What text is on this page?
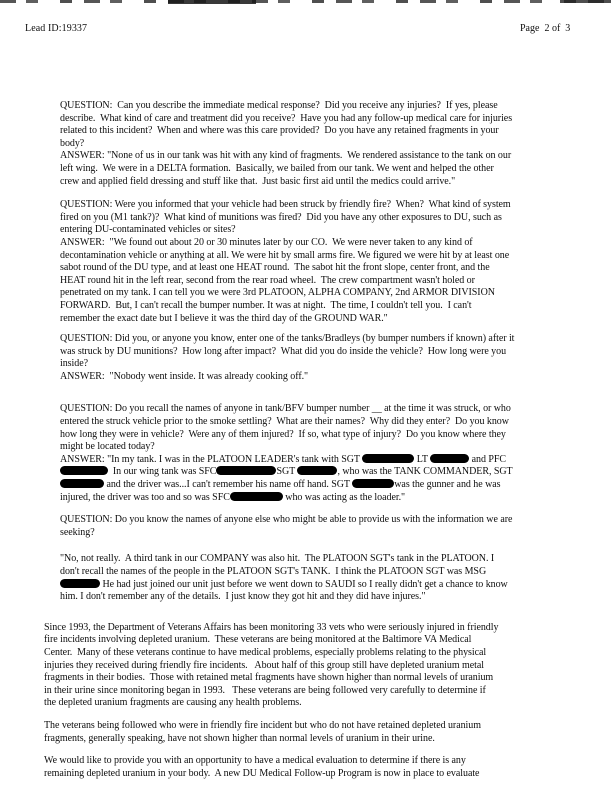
Lead ID:19337	Page  2 of  3
QUESTION:  Can you describe the immediate medical response?  Did you receive any injuries?  If yes, please
describe.  What kind of care and treatment did you receive?  Have you had any follow-up medical care for injuries
related to this incident?  When and where was this care provided?  Do you have any retained fragments in your
body?
ANSWER: "None of us in our tank was hit with any kind of fragments.  We rendered assistance to the tank on our
left wing.  We were in a DELTA formation.  Basically, we bailed from our tank. We went and helped the other
crew and applied field dressing and stuff like that.  Just basic first aid until the medics could arrive."
QUESTION: Were you informed that your vehicle had been struck by friendly fire?  When?  What kind of system
fired on you (M1 tank?)?  What kind of munitions was fired?  Did you have any other exposures to DU, such as
entering DU-contaminated vehicles or sites?
ANSWER:  "We found out about 20 or 30 minutes later by our CO.  We were never taken to any kind of
decontamination vehicle or anything at all. We were hit by small arms fire. We figured we were hit by at least one
sabot round of the DU type, and at least one HEAT round.  The sabot hit the front slope, center front, and the
HEAT round hit in the left rear, second from the rear road wheel.  The crew compartment wasn't holed or
penetrated on my tank. I can tell you we were 3rd PLATOON, ALPHA COMPANY, 2nd ARMOR DIVISION
FORWARD.  But, I can't recall the bumper number. It was at night.  The time, I couldn't tell you.  I can't
remember the exact date but I believe it was the third day of the GROUND WAR."
QUESTION: Did you, or anyone you know, enter one of the tanks/Bradleys (by bumper numbers if known) after it
was struck by DU munitions?  How long after impact?  What did you do inside the vehicle?  How long were you
inside?
ANSWER:  "Nobody went inside. It was already cooking off."
QUESTION: Do you recall the names of anyone in tank/BFV bumper number __ at the time it was struck, or who
entered the struck vehicle prior to the smoke settling?  What are their names?  Why did they enter?  Do you know
how long they were in vehicle?  Were any of them injured?  If so, what type of injury?  Do you know where they
might be located today?
ANSWER: "In my tank. I was in the PLATOON LEADER's tank with SGT	LT	and PFC
In our wing tank was SFC	SGT	, who was the TANK COMMANDER, SGT
and the driver was...I can't remember his name off hand. SGT	was the gunner and he was
injured, the driver was too and so was SFC	who was acting as the loader."
QUESTION: Do you know the names of anyone else who might be able to provide us with the information we are
seeking?
"No, not really.  A third tank in our COMPANY was also hit.  The PLATOON SGT's tank in the PLATOON. I
don't recall the names of the people in the PLATOON SGT's TANK.  I think the PLATOON SGT was MSG
He had just joined our unit just before we went down to SAUDI so I really didn't get a chance to know
him. I don't remember any of the details.  I just know they got hit and they did have injures."
Since 1993, the Department of Veterans Affairs has been monitoring 33 vets who were seriously injured in friendly
fire incidents involving depleted uranium.  These veterans are being monitored at the Baltimore VA Medical
Center.  Many of these veterans continue to have medical problems, especially problems relating to the physical
injuries they received during friendly fire incidents.   About half of this group still have depleted uranium metal
fragments in their bodies.  Those with retained metal fragments have shown higher than normal levels of uranium
in their urine since monitoring began in 1993.   These veterans are being followed very carefully to determine if
the depleted uranium fragments are causing any health problems.
The veterans being followed who were in friendly fire incident but who do not have retained depleted uranium
fragments, generally speaking, have not shown higher than normal levels of uranium in their urine.
We would like to provide you with an opportunity to have a medical evaluation to determine if there is any
remaining depleted uranium in your body.  A new DU Medical Follow-up Program is now in place to evaluate
